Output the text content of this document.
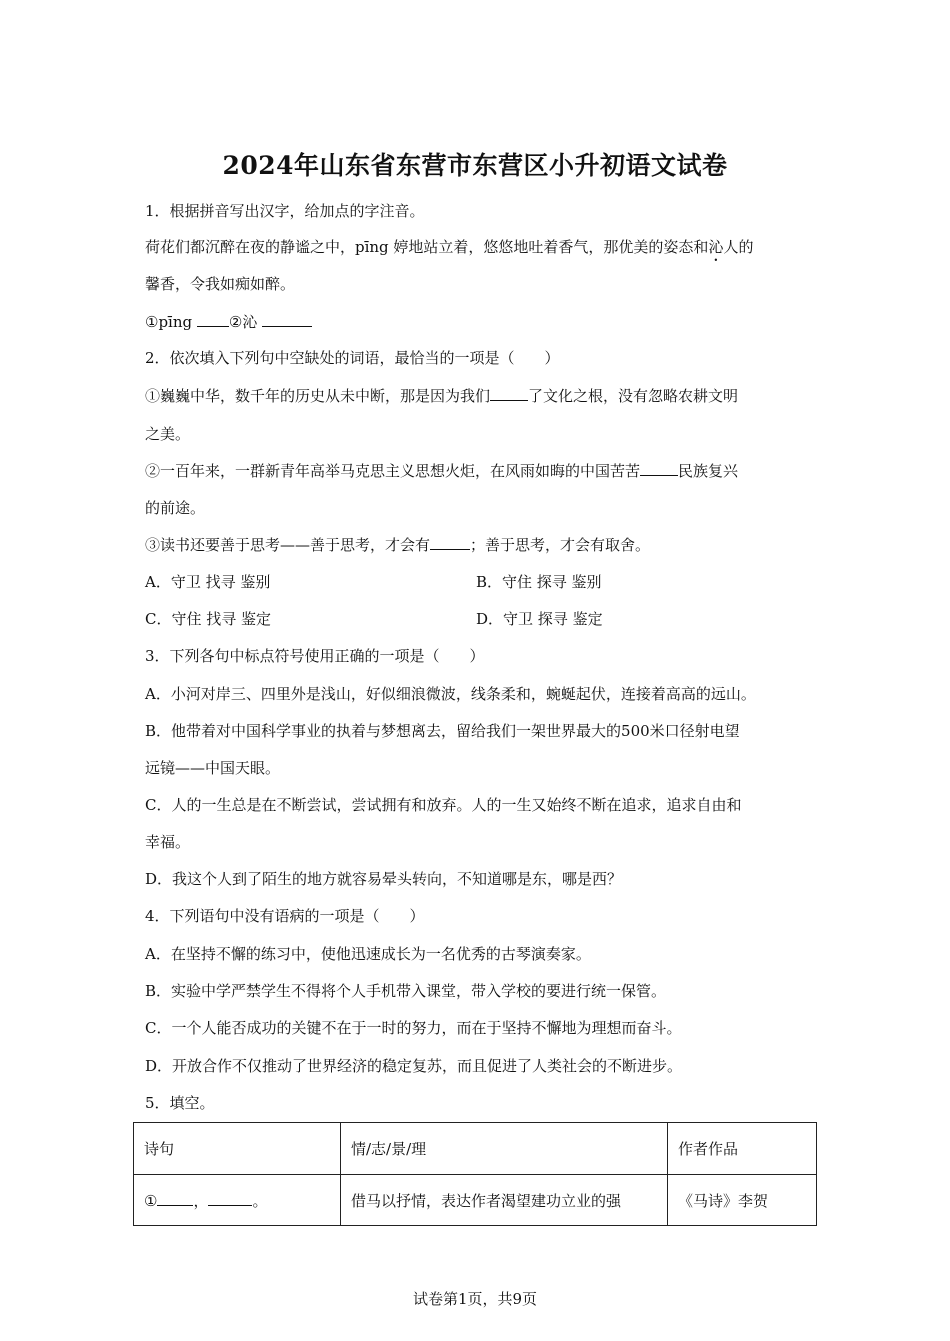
2024年山东省东营市东营区小升初语文试卷
1．根据拼音写出汉字，给加点的字注音。
荷花们都沉醉在夜的静谧之中，pīng 婷地站立着，悠悠地吐着香气，那优美的姿态和沁人的
馨香，令我如痴如醉。
①pīng ②沁
2．依次填入下列句中空缺处的词语，最恰当的一项是（　　）
①巍巍中华，数千年的历史从未中断，那是因为我们	了文化之根，没有忽略农耕文明
之美。
②一百年来，一群新青年高举马克思主义思想火炬，在风雨如晦的中国苦苦	民族复兴
的前途。
③读书还要善于思考——善于思考，才会有	；善于思考，才会有取舍。
A．守卫 找寻 鉴别	B．守住 探寻 鉴别
C．守住 找寻 鉴定	D．守卫 探寻 鉴定
3．下列各句中标点符号使用正确的一项是（　　）
A．小河对岸三、四里外是浅山，好似细浪微波，线条柔和，蜿蜒起伏，连接着高高的远山。
B．他带着对中国科学事业的执着与梦想离去，留给我们一架世界最大的500米口径射电望
远镜——中国天眼。
C．人的一生总是在不断尝试，尝试拥有和放弃。人的一生又始终不断在追求，追求自由和
幸福。
D．我这个人到了陌生的地方就容易晕头转向，不知道哪是东，哪是西？
4．下列语句中没有语病的一项是（　　）
A．在坚持不懈的练习中，使他迅速成长为一名优秀的古琴演奏家。
B．实验中学严禁学生不得将个人手机带入课堂，带入学校的要进行统一保管。
C．一个人能否成功的关键不在于一时的努力，而在于坚持不懈地为理想而奋斗。
D．开放合作不仅推动了世界经济的稳定复苏，而且促进了人类社会的不断进步。
5．填空。
诗句	情/志/景/理	作者作品
① ， 。	借马以抒情，表达作者渴望建功立业的强	《马诗》李贺
试卷第1页，共9页
